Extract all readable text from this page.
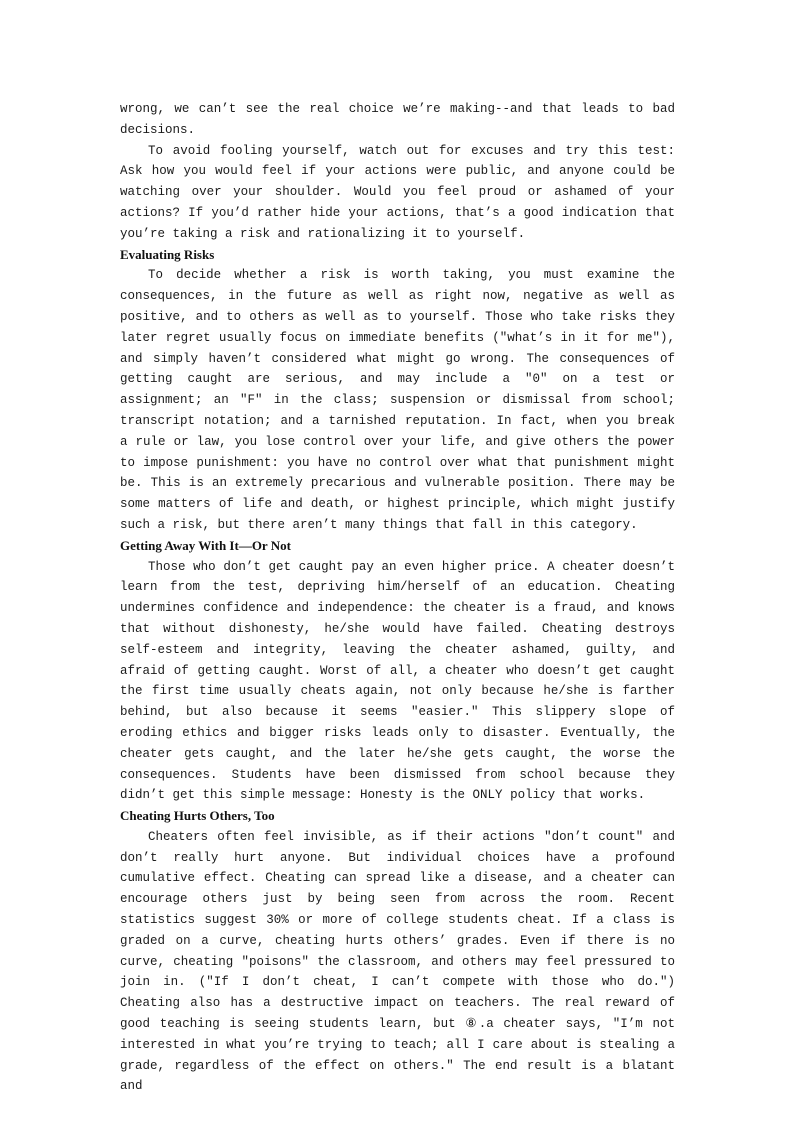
wrong, we can’t see the real choice we’re making--and that leads to bad decisions.

To avoid fooling yourself, watch out for excuses and try this test: Ask how you would feel if your actions were public, and anyone could be watching over your shoulder. Would you feel proud or ashamed of your actions? If you’d rather hide your actions, that’s a good indication that you’re taking a risk and rationalizing it to yourself.

Evaluating Risks

To decide whether a risk is worth taking, you must examine the consequences, in the future as well as right now, negative as well as positive, and to others as well as to yourself. Those who take risks they later regret usually focus on immediate benefits ("what’s in it for me"), and simply haven’t considered what might go wrong. The consequences of getting caught are serious, and may include a "0" on a test or assignment; an "F" in the class; suspension or dismissal from school; transcript notation; and a tarnished reputation. In fact, when you break a rule or law, you lose control over your life, and give others the power to impose punishment: you have no control over what that punishment might be. This is an extremely precarious and vulnerable position. There may be some matters of life and death, or highest principle, which might justify such a risk, but there aren’t many things that fall in this category.

Getting Away With It—Or Not

Those who don’t get caught pay an even higher price. A cheater doesn’t learn from the test, depriving him/herself of an education. Cheating undermines confidence and independence: the cheater is a fraud, and knows that without dishonesty, he/she would have failed. Cheating destroys self-esteem and integrity, leaving the cheater ashamed, guilty, and afraid of getting caught. Worst of all, a cheater who doesn’t get caught the first time usually cheats again, not only because he/she is farther behind, but also because it seems "easier." This slippery slope of eroding ethics and bigger risks leads only to disaster. Eventually, the cheater gets caught, and the later he/she gets caught, the worse the consequences. Students have been dismissed from school because they didn’t get this simple message: Honesty is the ONLY policy that works.

Cheating Hurts Others, Too

Cheaters often feel invisible, as if their actions "don’t count" and don’t really hurt anyone. But individual choices have a profound cumulative effect. Cheating can spread like a disease, and a cheater can encourage others just by being seen from across the room. Recent statistics suggest 30% or more of college students cheat. If a class is graded on a curve, cheating hurts others’ grades. Even if there is no curve, cheating "poisons" the classroom, and others may feel pressured to join in. ("If I don’t cheat, I can’t compete with those who do.") Cheating also has a destructive impact on teachers. The real reward of good teaching is seeing students learn, but ⑧.a cheater says, "I’m not interested in what you’re trying to teach; all I care about is stealing a grade, regardless of the effect on others." The end result is a blatant and
